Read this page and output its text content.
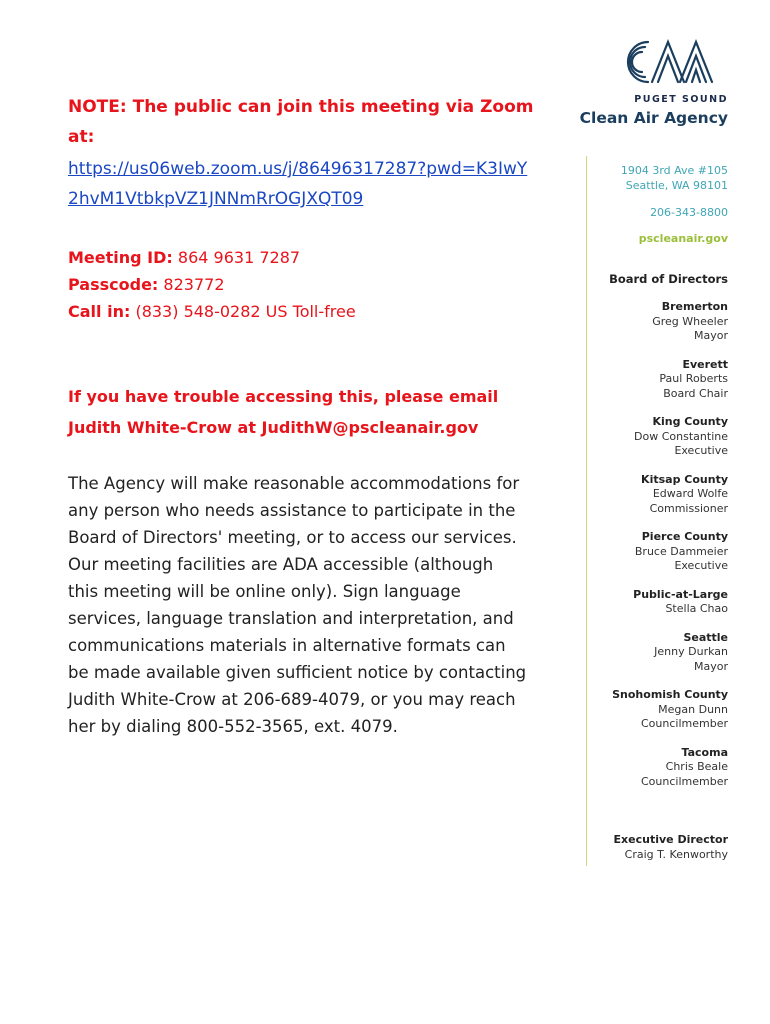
NOTE: The public can join this meeting via Zoom at:

https://us06web.zoom.us/j/86496317287?pwd=K3IwY2hvM1VtbkpVZ1JNNmRrOGJXQT09
Meeting ID: 864 9631 7287
Passcode: 823772
Call in: (833) 548-0282 US Toll-free
If you have trouble accessing this, please email Judith White-Crow at JudithW@pscleanair.gov
The Agency will make reasonable accommodations for any person who needs assistance to participate in the Board of Directors' meeting, or to access our services. Our meeting facilities are ADA accessible (although this meeting will be online only). Sign language services, language translation and interpretation, and communications materials in alternative formats can be made available given sufficient notice by contacting Judith White-Crow at 206-689-4079, or you may reach her by dialing 800-552-3565, ext. 4079.
PUGET SOUND
Clean Air Agency
1904 3rd Ave #105
Seattle, WA 98101
206-343-8800
pscleanair.gov
Board of Directors
Bremerton
Greg Wheeler
Mayor
Everett
Paul Roberts
Board Chair
King County
Dow Constantine
Executive
Kitsap County
Edward Wolfe
Commissioner
Pierce County
Bruce Dammeier
Executive
Public-at-Large
Stella Chao
Seattle
Jenny Durkan
Mayor
Snohomish County
Megan Dunn
Councilmember
Tacoma
Chris Beale
Councilmember
Executive Director
Craig T. Kenworthy
